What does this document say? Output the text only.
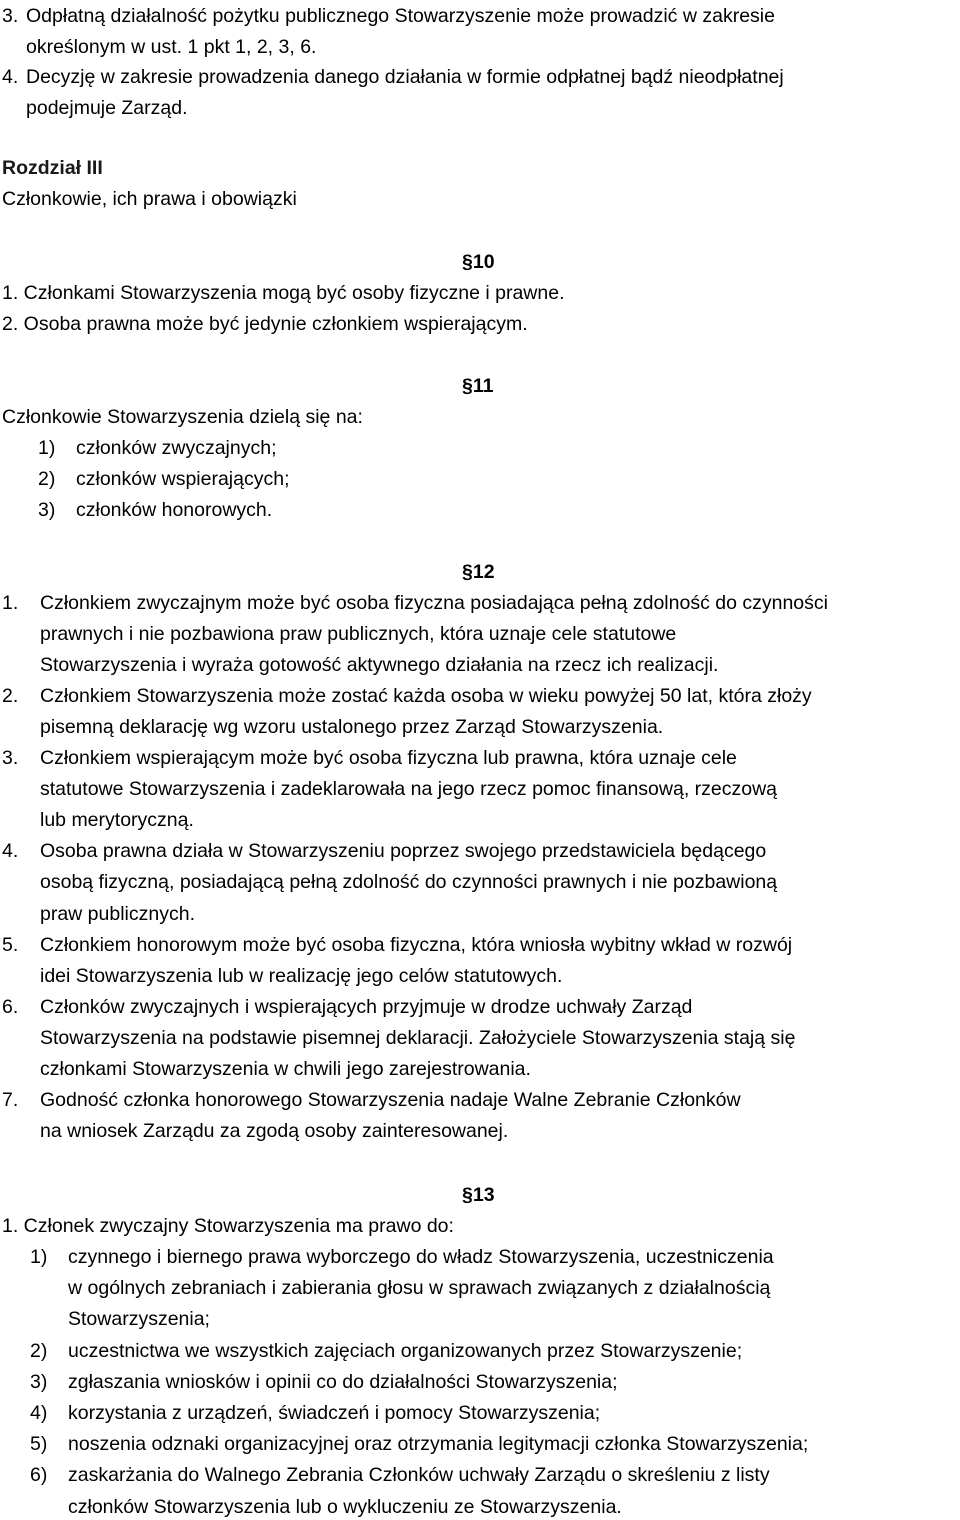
3. Odpłatną działalność pożytku publicznego Stowarzyszenie może prowadzić w zakresie
określonym w ust. 1 pkt 1, 2, 3, 6.
4. Decyzję w zakresie prowadzenia danego działania w formie odpłatnej bądź nieodpłatnej
podejmuje Zarząd.
Rozdział III
Członkowie, ich prawa i obowiązki
§10
1. Członkami Stowarzyszenia mogą być osoby fizyczne i prawne.
2. Osoba prawna może być jedynie członkiem wspierającym.
§11
Członkowie Stowarzyszenia dzielą się na:
1) członków zwyczajnych;
2) członków wspierających;
3) członków honorowych.
§12
1. Członkiem zwyczajnym może być osoba fizyczna posiadająca pełną zdolność do czynności
prawnych i nie pozbawiona praw publicznych, która uznaje cele statutowe
Stowarzyszenia i wyraża gotowość aktywnego działania na rzecz ich realizacji.
2. Członkiem Stowarzyszenia może zostać każda osoba w wieku powyżej 50 lat, która złoży
pisemną deklarację wg wzoru ustalonego przez Zarząd Stowarzyszenia.
3. Członkiem wspierającym może być osoba fizyczna lub prawna, która uznaje cele
statutowe Stowarzyszenia i zadeklarowała na jego rzecz pomoc finansową, rzeczową
lub merytoryczną.
4. Osoba prawna działa w Stowarzyszeniu poprzez swojego przedstawiciela będącego
osobą fizyczną, posiadającą pełną zdolność do czynności prawnych i nie pozbawioną
praw publicznych.
5. Członkiem honorowym może być osoba fizyczna, która wniosła wybitny wkład w rozwój
idei Stowarzyszenia lub w realizację jego celów statutowych.
6. Członków zwyczajnych i wspierających przyjmuje w drodze uchwały Zarząd
Stowarzyszenia na podstawie pisemnej deklaracji. Założyciele Stowarzyszenia stają się
członkami Stowarzyszenia w chwili jego zarejestrowania.
7. Godność członka honorowego Stowarzyszenia nadaje Walne Zebranie Członków
na wniosek Zarządu za zgodą osoby zainteresowanej.
§13
1. Członek zwyczajny Stowarzyszenia ma prawo do:
1) czynnego i biernego prawa wyborczego do władz Stowarzyszenia, uczestniczenia
w ogólnych zebraniach i zabierania głosu w sprawach związanych z działalnością
Stowarzyszenia;
2) uczestnictwa we wszystkich zajęciach organizowanych przez Stowarzyszenie;
3) zgłaszania wniosków i opinii co do działalności Stowarzyszenia;
4) korzystania z urządzeń, świadczeń i pomocy Stowarzyszenia;
5) noszenia odznaki organizacyjnej oraz otrzymania legitymacji członka Stowarzyszenia;
6) zaskarżania do Walnego Zebrania Członków uchwały Zarządu o skreśleniu z listy
członków Stowarzyszenia lub o wykluczeniu ze Stowarzyszenia.
